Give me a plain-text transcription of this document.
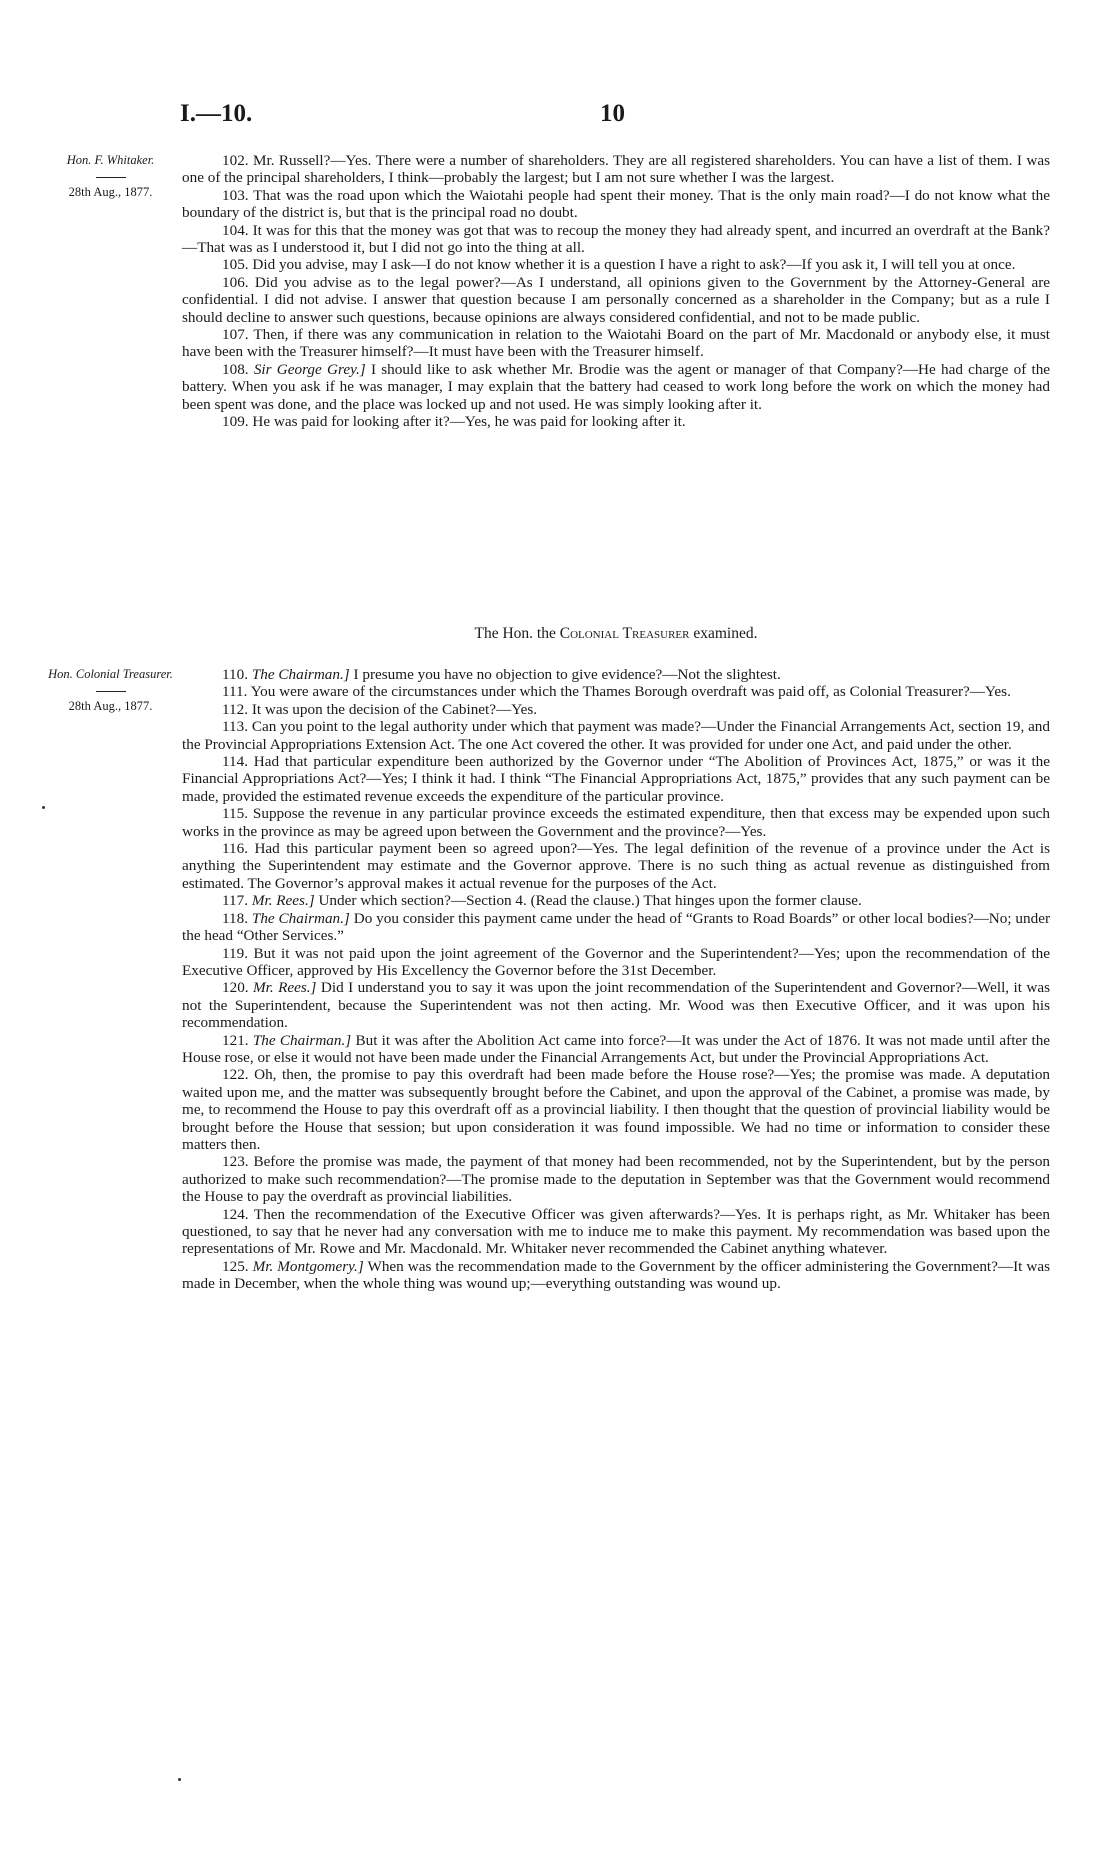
I.—10.	10
Hon. F. Whitaker.
28th Aug., 1877.

102. Mr. Russell?—Yes. There were a number of shareholders. They are all registered shareholders. You can have a list of them. I was one of the principal shareholders, I think—probably the largest; but I am not sure whether I was the largest.

103. That was the road upon which the Waiotahi people had spent their money. That is the only main road?—I do not know what the boundary of the district is, but that is the principal road no doubt.

104. It was for this that the money was got that was to recoup the money they had already spent, and incurred an overdraft at the Bank?—That was as I understood it, but I did not go into the thing at all.

105. Did you advise, may I ask—I do not know whether it is a question I have a right to ask?—If you ask it, I will tell you at once.

106. Did you advise as to the legal power?—As I understand, all opinions given to the Government by the Attorney-General are confidential. I did not advise. I answer that question because I am personally concerned as a shareholder in the Company; but as a rule I should decline to answer such questions, because opinions are always considered confidential, and not to be made public.

107. Then, if there was any communication in relation to the Waiotahi Board on the part of Mr. Macdonald or anybody else, it must have been with the Treasurer himself?—It must have been with the Treasurer himself.

108. Sir George Grey.] I should like to ask whether Mr. Brodie was the agent or manager of that Company?—He had charge of the battery. When you ask if he was manager, I may explain that the battery had ceased to work long before the work on which the money had been spent was done, and the place was locked up and not used. He was simply looking after it.

109. He was paid for looking after it?—Yes, he was paid for looking after it.

The Hon. the Colonial Treasurer examined.
Hon. Colonial Treasurer.
28th Aug., 1877.

110. The Chairman.] I presume you have no objection to give evidence?—Not the slightest.

111. You were aware of the circumstances under which the Thames Borough overdraft was paid off, as Colonial Treasurer?—Yes.

112. It was upon the decision of the Cabinet?—Yes.

113. Can you point to the legal authority under which that payment was made?—Under the Financial Arrangements Act, section 19, and the Provincial Appropriations Extension Act. The one Act covered the other. It was provided for under one Act, and paid under the other.

114. Had that particular expenditure been authorized by the Governor under “The Abolition of Provinces Act, 1875,” or was it the Financial Appropriations Act?—Yes; I think it had. I think “The Financial Appropriations Act, 1875,” provides that any such payment can be made, provided the estimated revenue exceeds the expenditure of the particular province.

115. Suppose the revenue in any particular province exceeds the estimated expenditure, then that excess may be expended upon such works in the province as may be agreed upon between the Government and the province?—Yes.

116. Had this particular payment been so agreed upon?—Yes. The legal definition of the revenue of a province under the Act is anything the Superintendent may estimate and the Governor approve. There is no such thing as actual revenue as distinguished from estimated. The Governor’s approval makes it actual revenue for the purposes of the Act.

117. Mr. Rees.] Under which section?—Section 4. (Read the clause.) That hinges upon the former clause.

118. The Chairman.] Do you consider this payment came under the head of “Grants to Road Boards” or other local bodies?—No; under the head “Other Services.”

119. But it was not paid upon the joint agreement of the Governor and the Superintendent?—Yes; upon the recommendation of the Executive Officer, approved by His Excellency the Governor before the 31st December.

120. Mr. Rees.] Did I understand you to say it was upon the joint recommendation of the Superintendent and Governor?—Well, it was not the Superintendent, because the Superintendent was not then acting. Mr. Wood was then Executive Officer, and it was upon his recommendation.

121. The Chairman.] But it was after the Abolition Act came into force?—It was under the Act of 1876. It was not made until after the House rose, or else it would not have been made under the Financial Arrangements Act, but under the Provincial Appropriations Act.

122. Oh, then, the promise to pay this overdraft had been made before the House rose?—Yes; the promise was made. A deputation waited upon me, and the matter was subsequently brought before the Cabinet, and upon the approval of the Cabinet, a promise was made, by me, to recommend the House to pay this overdraft off as a provincial liability. I then thought that the question of provincial liability would be brought before the House that session; but upon consideration it was found impossible. We had no time or information to consider these matters then.

123. Before the promise was made, the payment of that money had been recommended, not by the Superintendent, but by the person authorized to make such recommendation?—The promise made to the deputation in September was that the Government would recommend the House to pay the overdraft as provincial liabilities.

124. Then the recommendation of the Executive Officer was given afterwards?—Yes. It is perhaps right, as Mr. Whitaker has been questioned, to say that he never had any conversation with me to induce me to make this payment. My recommendation was based upon the representations of Mr. Rowe and Mr. Macdonald. Mr. Whitaker never recommended the Cabinet anything whatever.

125. Mr. Montgomery.] When was the recommendation made to the Government by the officer administering the Government?—It was made in December, when the whole thing was wound up;—everything outstanding was wound up.
